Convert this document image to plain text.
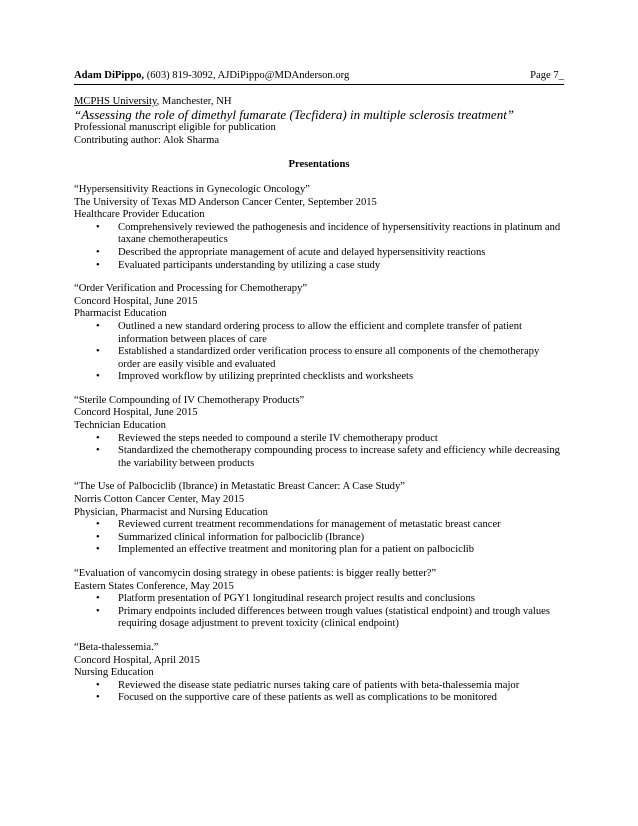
Adam DiPippo, (603) 819-3092, AJDiPippo@MDAnderson.org	Page 7_
MCPHS University, Manchester, NH
“Assessing the role of dimethyl fumarate (Tecfidera) in multiple sclerosis treatment”
Professional manuscript eligible for publication
Contributing author: Alok Sharma
Presentations
“Hypersensitivity Reactions in Gynecologic Oncology”
The University of Texas MD Anderson Cancer Center, September 2015
Healthcare Provider Education
• Comprehensively reviewed the pathogenesis and incidence of hypersensitivity reactions in platinum and taxane chemotherapeutics
• Described the appropriate management of acute and delayed hypersensitivity reactions
• Evaluated participants understanding by utilizing a case study
“Order Verification and Processing for Chemotherapy”
Concord Hospital, June 2015
Pharmacist Education
• Outlined a new standard ordering process to allow the efficient and complete transfer of patient information between places of care
• Established a standardized order verification process to ensure all components of the chemotherapy order are easily visible and evaluated
• Improved workflow by utilizing preprinted checklists and worksheets
“Sterile Compounding of IV Chemotherapy Products”
Concord Hospital, June 2015
Technician Education
• Reviewed the steps needed to compound a sterile IV chemotherapy product
• Standardized the chemotherapy compounding process to increase safety and efficiency while decreasing the variability between products
“The Use of Palbociclib (Ibrance) in Metastatic Breast Cancer: A Case Study”
Norris Cotton Cancer Center, May 2015
Physician, Pharmacist and Nursing Education
• Reviewed current treatment recommendations for management of metastatic breast cancer
• Summarized clinical information for palbociclib (Ibrance)
• Implemented an effective treatment and monitoring plan for a patient on palbociclib
“Evaluation of vancomycin dosing strategy in obese patients: is bigger really better?”
Eastern States Conference, May 2015
• Platform presentation of PGY1 longitudinal research project results and conclusions
• Primary endpoints included differences between trough values (statistical endpoint) and trough values requiring dosage adjustment to prevent toxicity (clinical endpoint)
“Beta-thalessemia.”
Concord Hospital, April 2015
Nursing Education
• Reviewed the disease state pediatric nurses taking care of patients with beta-thalessemia major
• Focused on the supportive care of these patients as well as complications to be monitored
